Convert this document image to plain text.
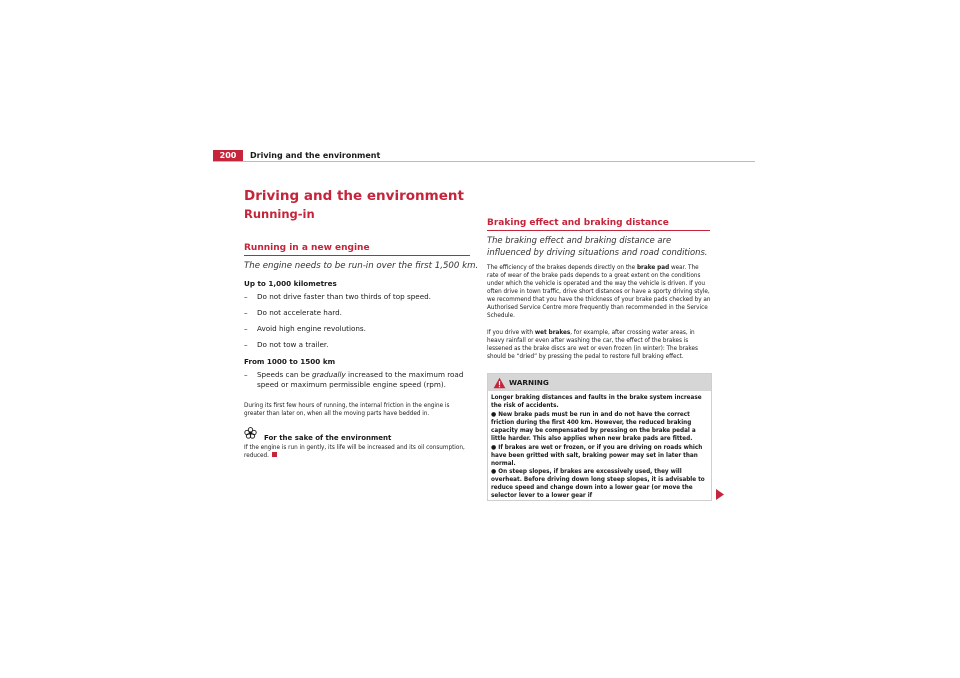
200	Driving and the environment
Driving and the environment
Running-in
Running in a new engine
The engine needs to be run-in over the first 1,500 km.
Up to 1,000 kilometres
– Do not drive faster than two thirds of top speed.
– Do not accelerate hard.
– Avoid high engine revolutions.
– Do not tow a trailer.
From 1000 to 1500 km
– Speeds can be gradually increased to the maximum road speed or maximum permissible engine speed (rpm).
During its first few hours of running, the internal friction in the engine is greater than later on, when all the moving parts have bedded in.
For the sake of the environment
If the engine is run in gently, its life will be increased and its oil consumption, reduced.
Braking effect and braking distance
The braking effect and braking distance are influenced by driving situations and road conditions.
The efficiency of the brakes depends directly on the brake pad wear. The rate of wear of the brake pads depends to a great extent on the conditions under which the vehicle is operated and the way the vehicle is driven. If you often drive in town traffic, drive short distances or have a sporty driving style, we recommend that you have the thickness of your brake pads checked by an Authorised Service Centre more frequently than recommended in the Service Schedule.
If you drive with wet brakes, for example, after crossing water areas, in heavy rainfall or even after washing the car, the effect of the brakes is lessened as the brake discs are wet or even frozen (in winter): The brakes should be “dried” by pressing the pedal to restore full braking effect.
WARNING
Longer braking distances and faults in the brake system increase the risk of accidents.
● New brake pads must be run in and do not have the correct friction during the first 400 km. However, the reduced braking capacity may be compensated by pressing on the brake pedal a little harder. This also applies when new brake pads are fitted.
● If brakes are wet or frozen, or if you are driving on roads which have been gritted with salt, braking power may set in later than normal.
● On steep slopes, if brakes are excessively used, they will overheat. Before driving down long steep slopes, it is advisable to reduce speed and change down into a lower gear (or move the selector lever to a lower gear if
